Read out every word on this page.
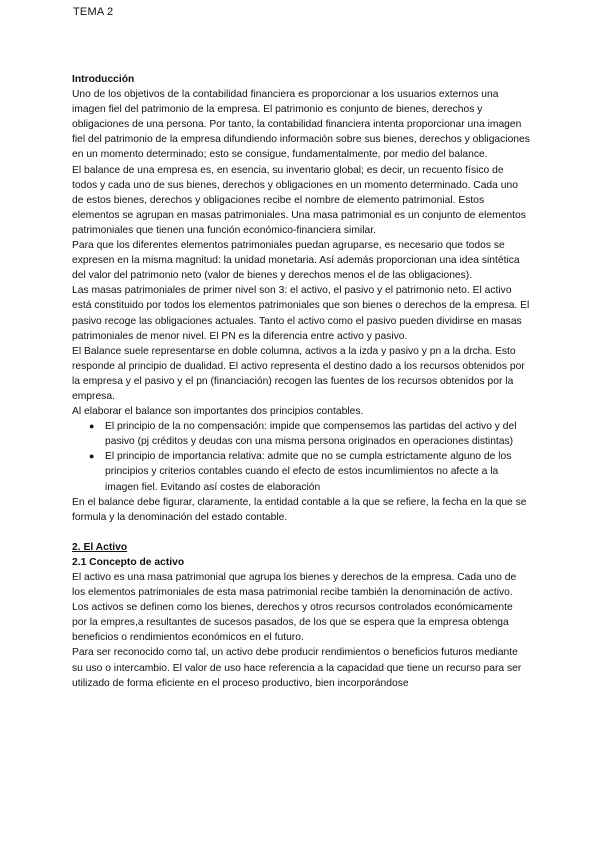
TEMA 2

Introducción

Uno de los objetivos de la contabilidad financiera es proporcionar a los usuarios externos una imagen fiel del patrimonio de la empresa. El patrimonio es conjunto de bienes, derechos y obligaciones de una persona. Por tanto, la contabilidad financiera intenta proporcionar una imagen fiel del patrimonio de la empresa difundiendo información sobre sus bienes, derechos y obligaciones en un momento determinado; esto se consigue, fundamentalmente, por medio del balance.

El balance de una empresa es, en esencia, su inventario global; es decir, un recuento físico de todos y cada uno de sus bienes, derechos y obligaciones en un momento determinado. Cada uno de estos bienes, derechos y obligaciones recibe el nombre de elemento patrimonial. Estos elementos se agrupan en masas patrimoniales. Una masa patrimonial es un conjunto de elementos patrimoniales que tienen una función económico-financiera similar.

Para que los diferentes elementos patrimoniales puedan agruparse, es necesario que todos se expresen en la misma magnitud: la unidad monetaria. Así además proporcionan una idea sintética del valor del patrimonio neto (valor de bienes y derechos menos el de las obligaciones).

Las masas patrimoniales de primer nivel son 3: el activo, el pasivo y el patrimonio neto. El activo está constituido por todos los elementos patrimoniales que son bienes o derechos de la empresa. El pasivo recoge las obligaciones actuales. Tanto el activo como el pasivo pueden dividirse en masas patrimoniales de menor nivel. El PN es la diferencia entre activo y pasivo.

El Balance suele representarse en doble columna, activos a la izda y pasivo y pn a la drcha. Esto responde al principio de dualidad. El activo representa el destino dado a los recursos obtenidos por la empresa y el pasivo y el pn (financiación) recogen las fuentes de los recursos obtenidos por la empresa.

Al elaborar el balance son importantes dos principios contables.

● El principio de la no compensación: impide que compensemos las partidas del activo y del pasivo (pj créditos y deudas con una misma persona originados en operaciones distintas)
● El principio de importancia relativa: admite que no se cumpla estrictamente alguno de los principios y criterios contables cuando el efecto de estos incumlimientos no afecte a la imagen fiel. Evitando así costes de elaboración

En el balance debe figurar, claramente, la entidad contable a la que se refiere, la fecha en la que se formula y la denominación del estado contable.

2. El Activo

2.1 Concepto de activo

El activo es una masa patrimonial que agrupa los bienes y derechos de la empresa. Cada uno de los elementos patrimoniales de esta masa patrimonial recibe también la denominación de activo. Los activos se definen como los bienes, derechos y otros recursos controlados económicamente por la empres,a resultantes de sucesos pasados, de los que se espera que la empresa obtenga beneficios o rendimientos económicos en el futuro.

Para ser reconocido como tal, un activo debe producir rendimientos o beneficios futuros mediante su uso o intercambio. El valor de uso hace referencia a la capacidad que tiene un recurso para ser utilizado de forma eficiente en el proceso productivo, bien incorporándose
